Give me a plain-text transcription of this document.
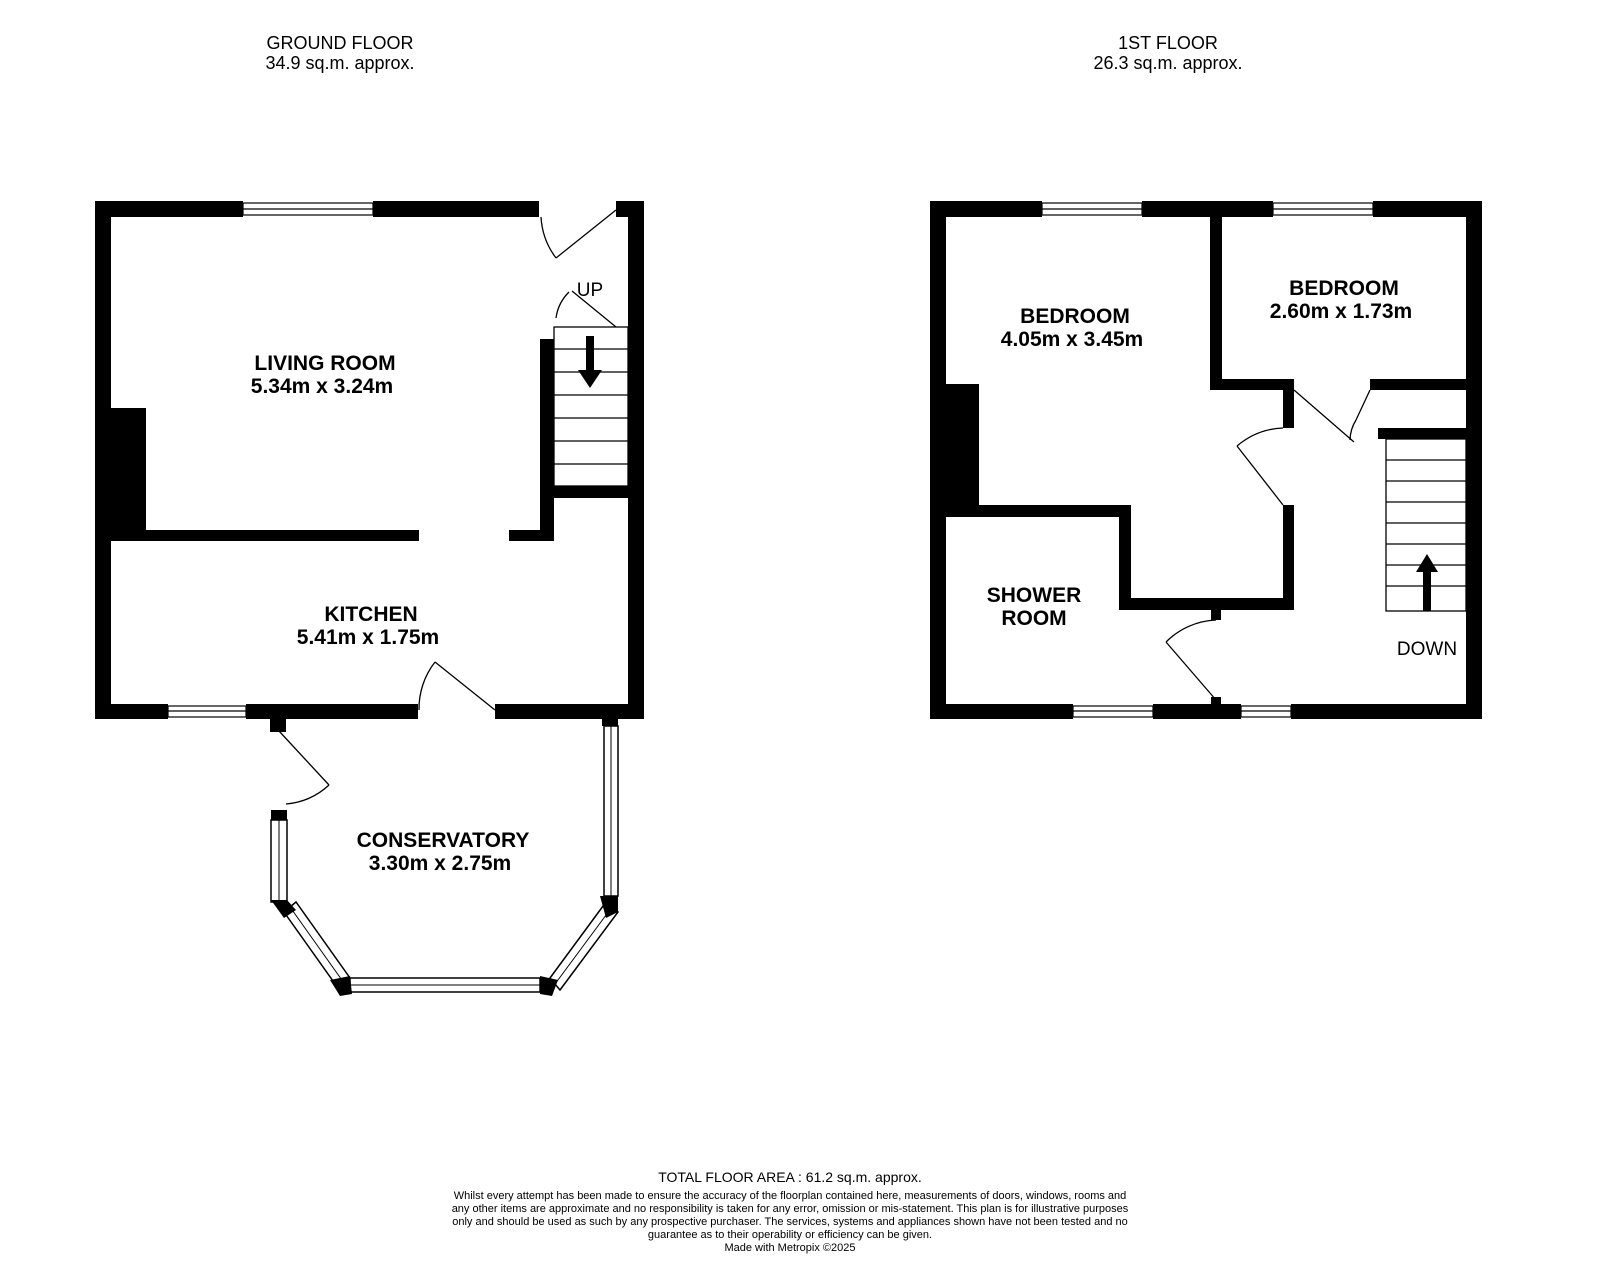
GROUND FLOOR
34.9 sq.m. approx.
1ST FLOOR
26.3 sq.m. approx.
UP
LIVING ROOM
5.34m x 3.24m
KITCHEN
5.41m x 1.75m
CONSERVATORY
3.30m x 2.75m
DOWN
BEDROOM
4.05m x 3.45m
BEDROOM
2.60m x 1.73m
SHOWER
ROOM
TOTAL FLOOR AREA : 61.2 sq.m. approx.
Whilst every attempt has been made to ensure the accuracy of the floorplan contained here, measurements of doors, windows, rooms and any other items are approximate and no responsibility is taken for any error, omission or mis-statement. This plan is for illustrative purposes only and should be used as such by any prospective purchaser. The services, systems and appliances shown have not been tested and no guarantee as to their operability or efficiency can be given.
Made with Metropix ©2025
